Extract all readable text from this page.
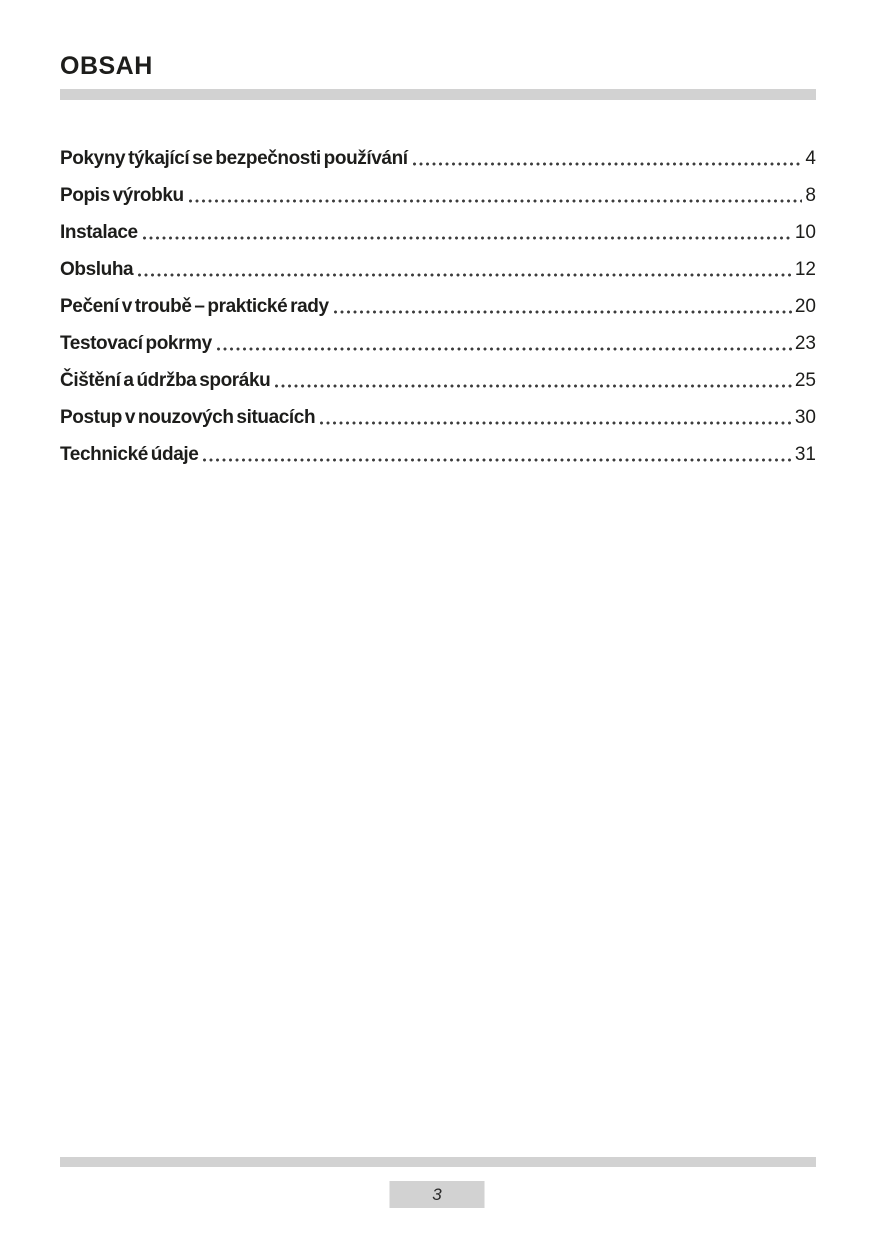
OBSAH
Pokyny týkající se bezpečnosti používání	4
Popis výrobku	8
Instalace	10
Obsluha	12
Pečení v troubě – praktické rady	20
Testovací pokrmy	23
Čištění a údržba sporáku	25
Postup v nouzových situacích	30
Technické údaje	31
3
